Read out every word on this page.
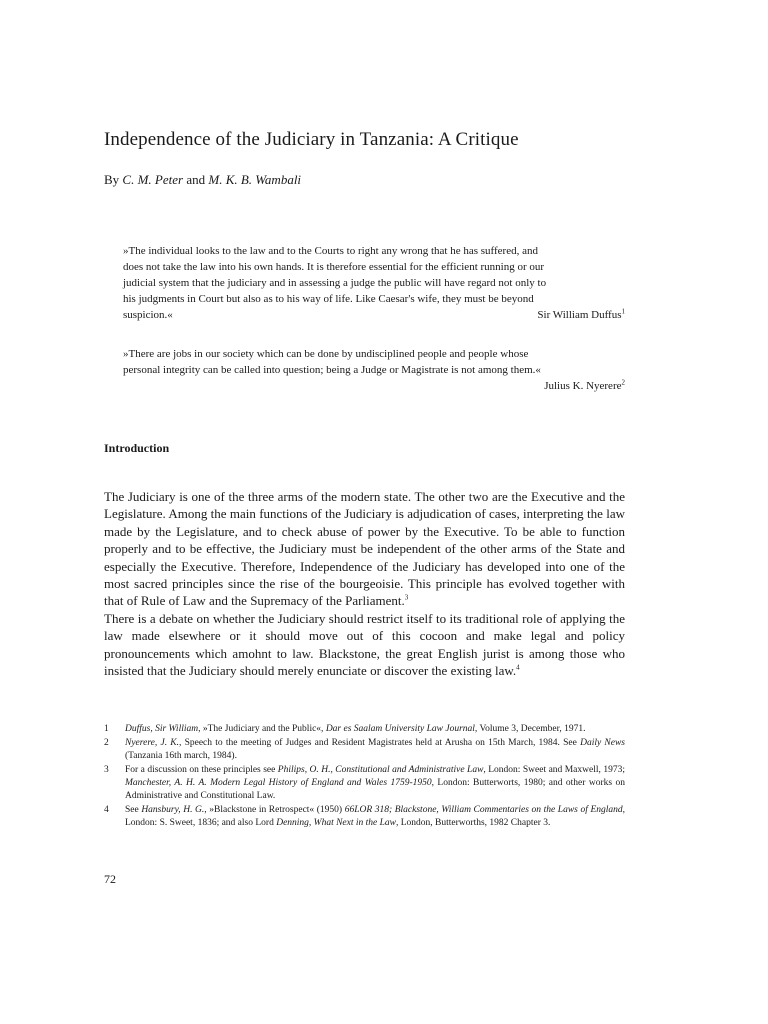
Independence of the Judiciary in Tanzania: A Critique

By C. M. Peter and M. K. B. Wambali

»The individual looks to the law and to the Courts to right any wrong that he has suffered, and
does not take the law into his own hands. It is therefore essential for the efficient running or our
judicial system that the judiciary and in assessing a judge the public will have regard not only to
his judgments in Court but also as to his way of life. Like Caesar's wife, they must be beyond
suspicion.«	Sir William Duffus$^1$
»There are jobs in our society which can be done by undisciplined people and people whose
personal integrity can be called into question; being a Judge or Magistrate is not among them.«
Julius K. Nyerere$^2$
Introduction

The Judiciary is one of the three arms of the modern state. The other two are the Executive and the Legislature. Among the main functions of the Judiciary is adjudication of cases, interpreting the law made by the Legislature, and to check abuse of power by the Executive. To be able to function properly and to be effective, the Judiciary must be independent of the other arms of the State and especially the Executive. Therefore, Independence of the Judiciary has developed into one of the most sacred principles since the rise of the bourgeoisie. This principle has evolved together with that of Rule of Law and the Supremacy of the Parliament.$^3$

There is a debate on whether the Judiciary should restrict itself to its traditional role of applying the law made elsewhere or it should move out of this cocoon and make legal and policy pronouncements which amohnt to law. Blackstone, the great English jurist is among those who insisted that the Judiciary should merely enunciate or discover the existing law.$^4$

1	Duffus, Sir William, »The Judiciary and the Public«, Dar es Saalam University Law Journal, Volume 3, December, 1971.
2	Nyerere, J. K., Speech to the meeting of Judges and Resident Magistrates held at Arusha on 15th March, 1984. See Daily News (Tanzania 16th march, 1984).
3	For a discussion on these principles see Philips, O. H., Constitutional and Administrative Law, London: Sweet and Maxwell, 1973; Manchester, A. H. A. Modern Legal History of England and Wales 1759-1950, London: Butterworts, 1980; and other works on Administrative and Constitutional Law.
4	See Hansbury, H. G., »Blackstone in Retrospect« (1950) 66LOR 318; Blackstone, William Commentaries on the Laws of England, London: S. Sweet, 1836; and also Lord Denning, What Next in the Law, London, Butterworths, 1982 Chapter 3.

72
